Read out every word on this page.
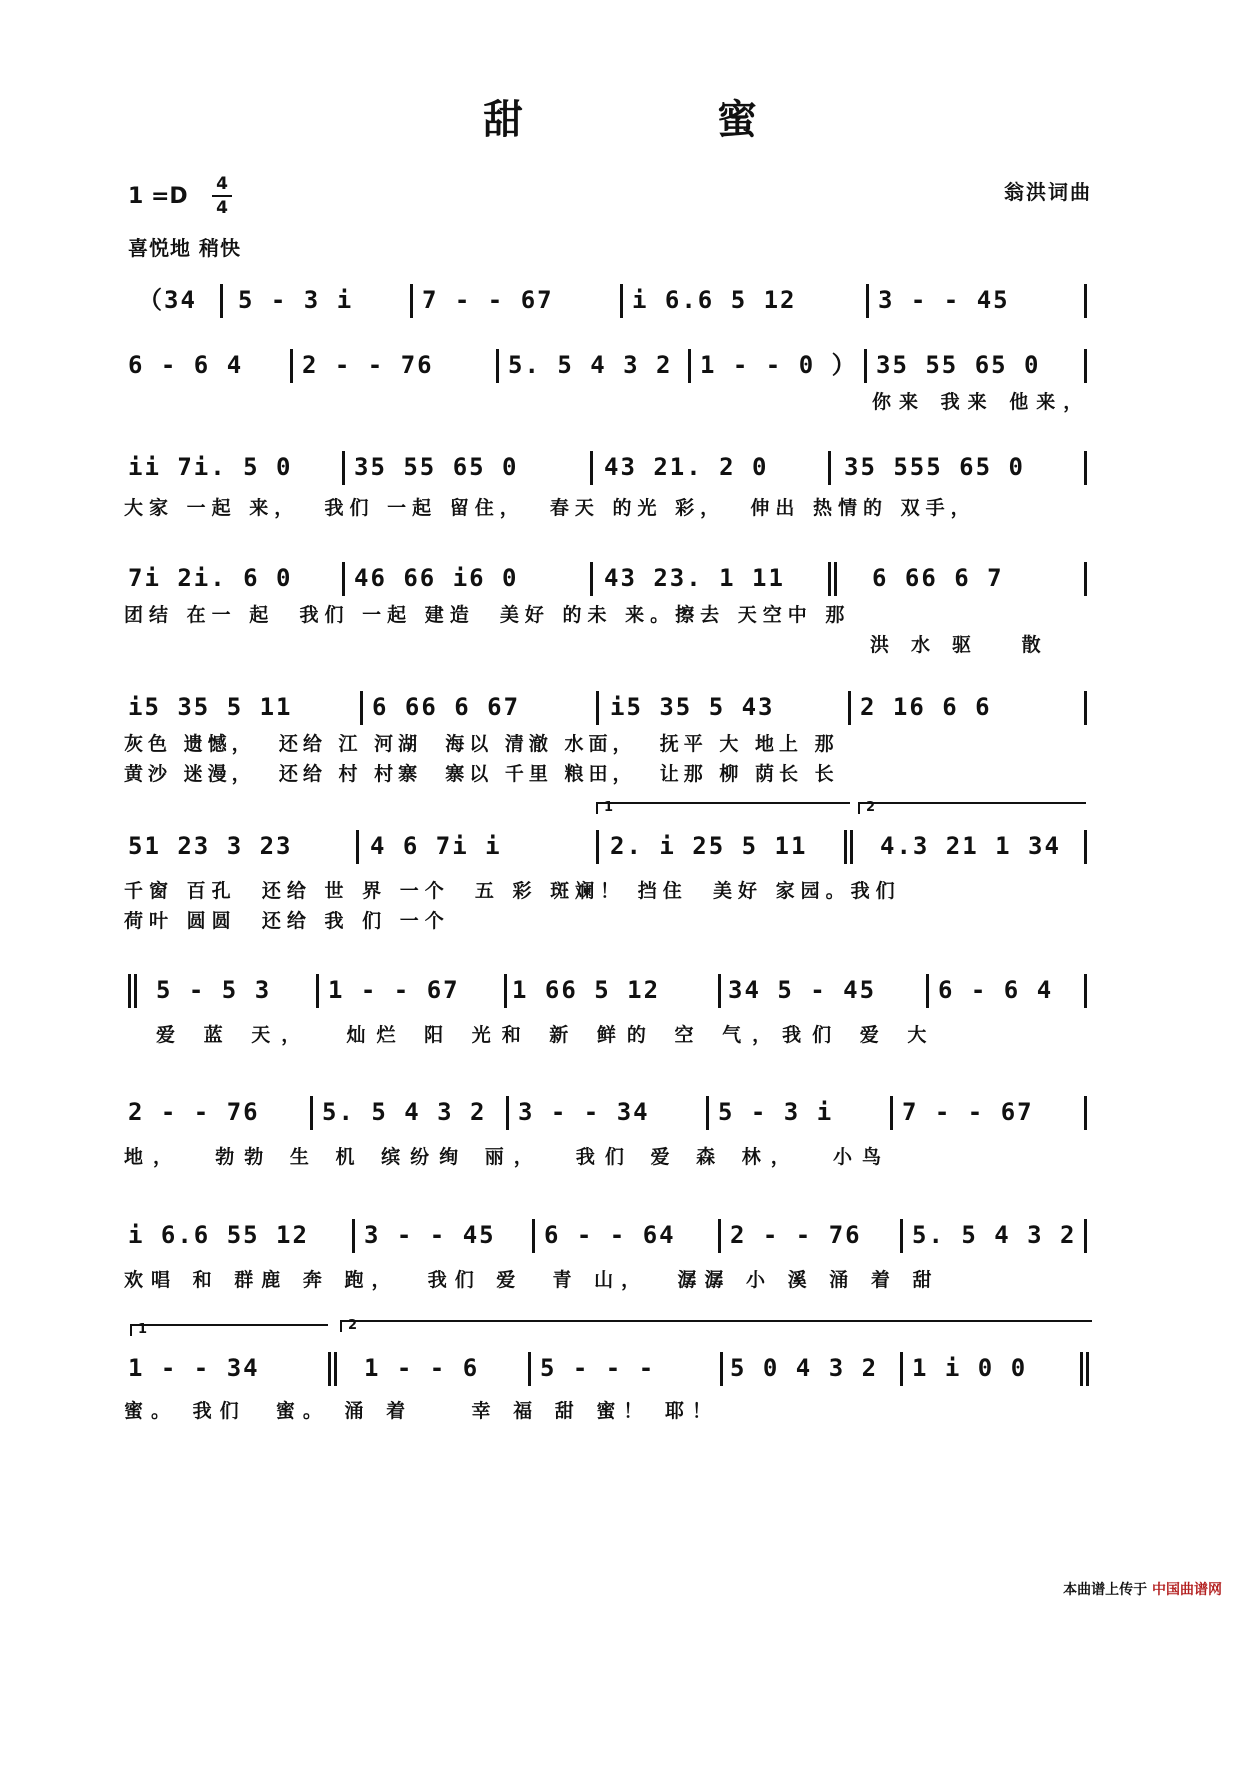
甜 蜜
1 =D 4
4
翁洪词曲
喜悦地 稍快

（34

5 - 3 i

	7 - - 67

	i 6.6 5 12

	3 - - 45

6 - 6 4

2 - - 76

	5. 5 4 3 2

1 - - 0 ）

35 55 65 0

你来 我来 他来，

ii 7i. 5 0

	35 55 65 0

	43 21. 2 0

	35 555 65 0

大家 一起 来，  我们 一起 留住，  春天 的光 彩，  伸出 热情的 双手，

7i 2i. 6 0

	46 66 i6 0

	43 23. 1 11

	6 66 6 7

团结 在一 起  我们 一起 建造  美好 的未 来。擦去 天空中 那

洪水驱 散

i5 35 5 11

	6 66 6 67

	i5 35 5 43

	2 16 6 6

灰色 遗憾，  还给 江 河湖  海以 清澈 水面，  抚平 大 地上 那

黄沙 迷漫，  还给 村 村寨  寨以 千里 粮田，  让那 柳 荫长 长

1	2

51 23 3 23

	4 6 7i i

	2. i 25 5 11

	4.3 21 1 34

千窗 百孔  还给 世 界 一个  五 彩 斑斓！ 挡住  美好 家园。我们

荷叶 圆圆  还给 我 们 一个

5 - 5 3

1 - - 67

1 66 5 12

	34 5 - 45

	6 - 6 4

爱 蓝 天，  灿烂 阳 光和 新 鲜的 空 气，我们 爱 大

2 - - 76

	5. 5 4 3 2

3 - - 34

	5 - 3 i

	7 - - 67

地，  勃勃 生 机 缤纷绚 丽，  我们 爱 森 林，  小鸟

i 6.6 55 12

3 - - 45

6 - - 64

2 - - 76

5. 5 4 3 2

欢唱 和 群鹿 奔 跑，  我们 爱  青 山，  潺潺 小 溪 涌 着 甜

1	2

1 - - 34

	1 - - 6

	5 - - -

	5 0 4 3 2

1 i 0 0

蜜。 我们  蜜。 涌 着    幸 福 甜 蜜！ 耶！

本曲谱上传于 中国曲谱网
